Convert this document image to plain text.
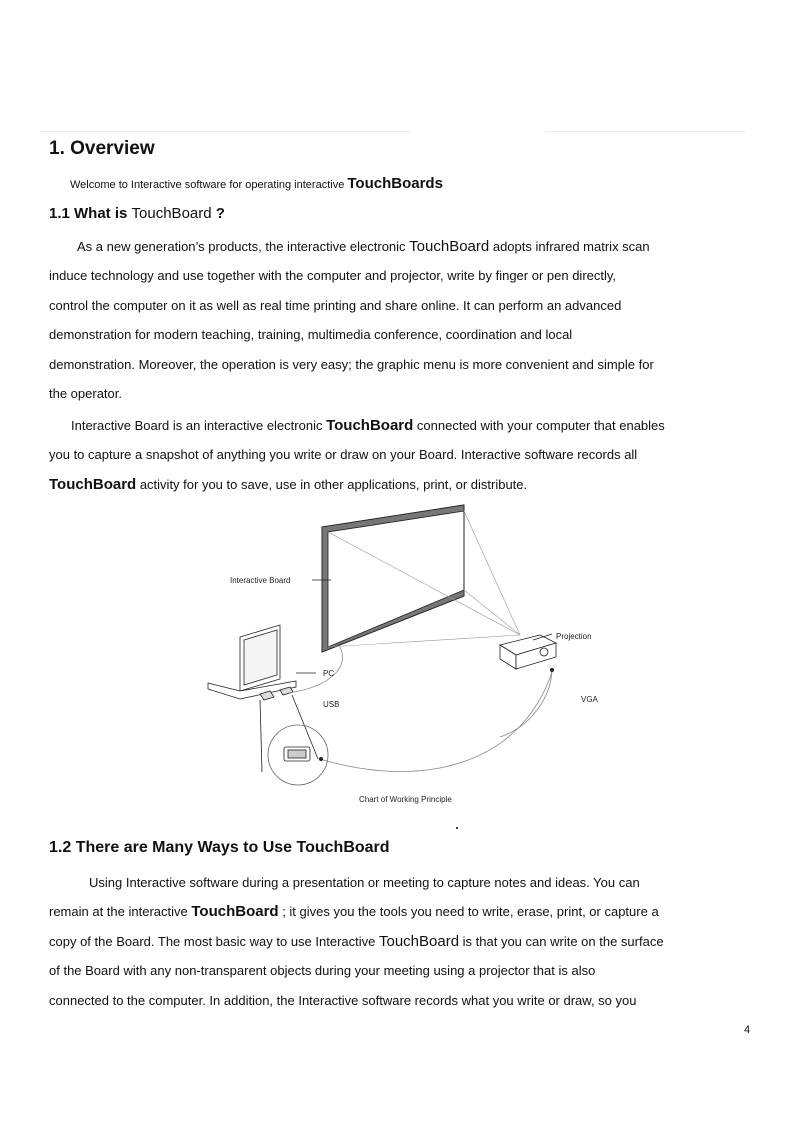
1. Overview
Welcome to Interactive software for operating interactive TouchBoards
1.1 What is TouchBoard ?

As a new generation’s products, the interactive electronic TouchBoard adopts infrared matrix scan

induce technology and use together with the computer and projector, write by finger or pen directly,

control the computer on it as well as real time printing and share online. It can perform an advanced

demonstration for modern teaching, training, multimedia conference, coordination and local

demonstration. Moreover, the operation is very easy; the graphic menu is more convenient and simple for

the operator.

Interactive Board is an interactive electronic TouchBoard connected with your computer that enables

you to capture a snapshot of anything you write or draw on your Board. Interactive software records all

TouchBoard activity for you to save, use in other applications, print, or distribute.

Interactive Board
Projection
PC
USB
VGA
Chart of Working Principle
1.2 There are Many Ways to Use TouchBoard

Using Interactive software during a presentation or meeting to capture notes and ideas. You can

remain at the interactive TouchBoard ; it gives you the tools you need to write, erase, print, or capture a

copy of the Board. The most basic way to use Interactive TouchBoard is that you can write on the surface

of the Board with any non-transparent objects during your meeting using a projector that is also

connected to the computer. In addition, the Interactive software records what you write or draw, so you

4
